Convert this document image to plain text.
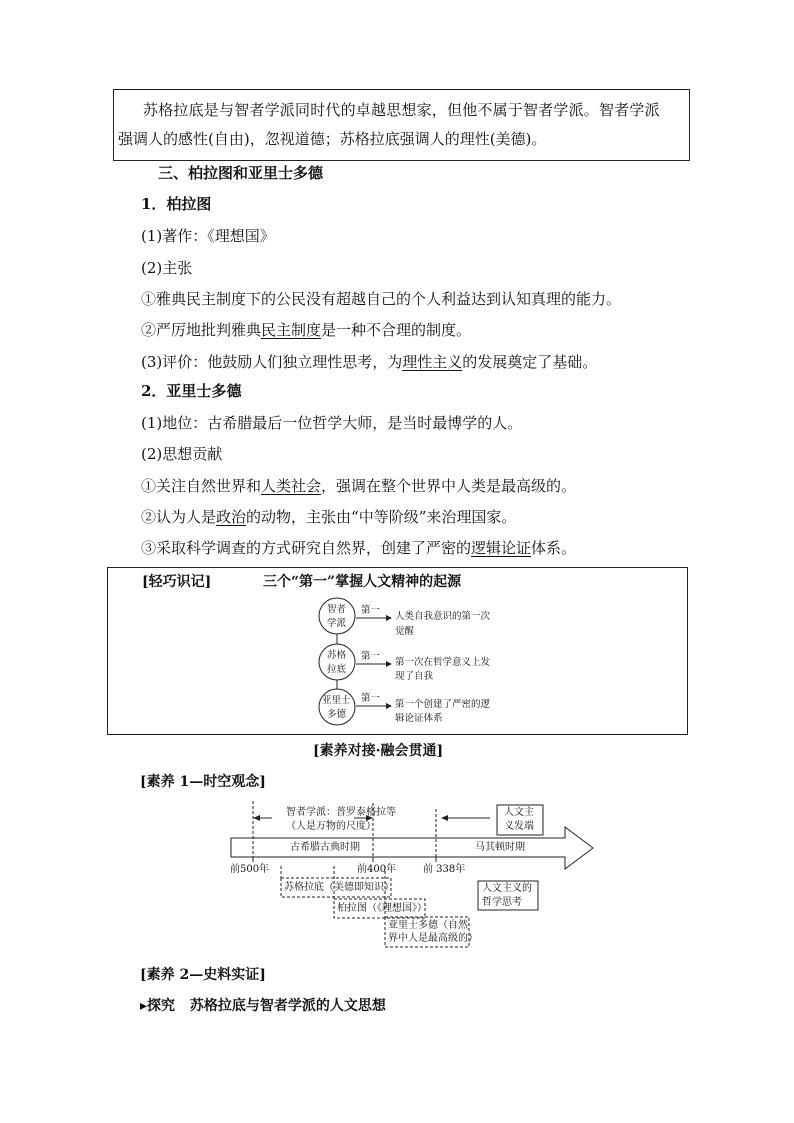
苏格拉底是与智者学派同时代的卓越思想家，但他不属于智者学派。智者学派
强调人的感性(自由)，忽视道德；苏格拉底强调人的理性(美德)。
三、柏拉图和亚里士多德
1．柏拉图
(1)著作：《理想国》
(2)主张
①雅典民主制度下的公民没有超越自己的个人利益达到认知真理的能力。
②严厉地批判雅典民主制度是一种不合理的制度。
(3)评价：他鼓励人们独立理性思考，为理性主义的发展奠定了基础。
2．亚里士多德
(1)地位：古希腊最后一位哲学大师，是当时最博学的人。
(2)思想贡献
①关注自然世界和人类社会，强调在整个世界中人类是最高级的。
②认为人是政治的动物，主张由“中等阶级”来治理国家。
③采取科学调查的方式研究自然界，创建了严密的逻辑论证体系。
[轻巧识记]	三个“第一”掌握人文精神的起源
智者
学派
苏格
拉底
亚里士
多德
第一
第一
第一
人类自我意识的第一次
觉醒
第一次在哲学意义上发
现了自我
第一个创建了严密的逻
辑论证体系
[素养对接·融会贯通]
[素养 1—时空观念]
智者学派：普罗泰格拉等
（人是万物的尺度）
人文主
义发端
古希腊古典时期	马其顿时期
前500年	前400年	前 338年
苏格拉底（美德即知识）
柏拉图（《理想国》）
亚里士多德（自然
界中人是最高级的）
人文主义的
哲学思考
[素养 2—史料实证]
▸探究 苏格拉底与智者学派的人文思想
